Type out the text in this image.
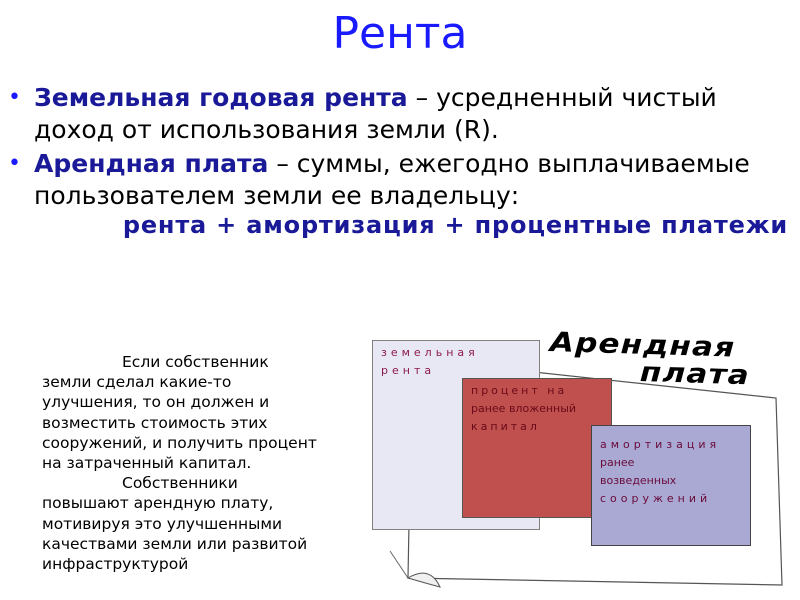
Рента
• Земельная годовая рента – усредненный чистый доход от использования земли (R).
• Арендная плата – суммы, ежегодно выплачиваемые пользователем земли ее владельцу:
рента + амортизация + процентные платежи

Если собственник земли сделал какие-то улучшения, то он должен и возместить стоимость этих сооружений, и получить процент на затраченный капитал.

Собственники повышают арендную плату, мотивируя это улучшенными качествами земли или развитой инфраструктурой

Арендная
плата
земельная
рента
процент на
ранее вложенный
капитал
амортизация
ранее
возведенных
сооружений
